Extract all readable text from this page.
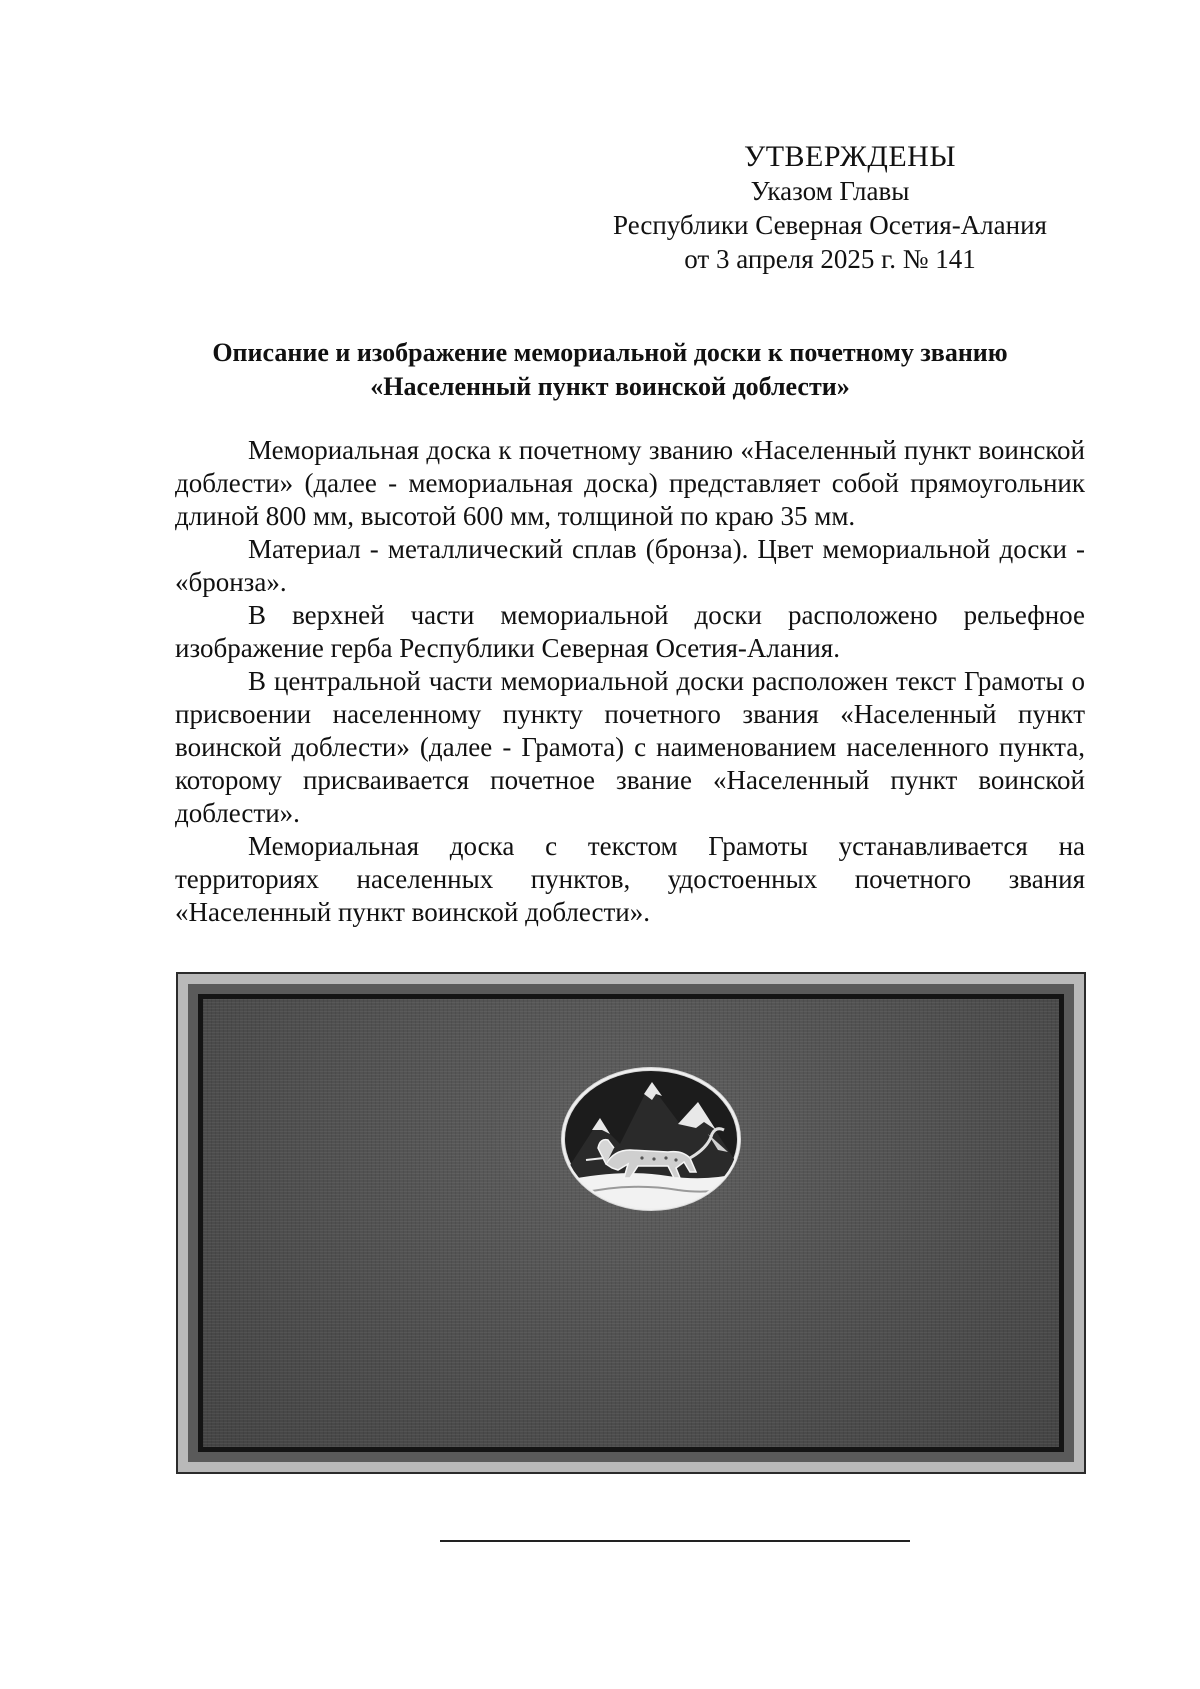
УТВЕРЖДЕНЫ
Указом Главы
Республики Северная Осетия-Алания
от 3 апреля 2025 г. № 141
Описание и изображение мемориальной доски к почетному званию
«Населенный пункт воинской доблести»

Мемориальная доска к почетному званию «Населенный пункт воинской доблести» (далее - мемориальная доска) представляет собой прямоугольник длиной 800 мм, высотой 600 мм, толщиной по краю 35 мм.

Материал - металлический сплав (бронза). Цвет мемориальной доски - «бронза».

В верхней части мемориальной доски расположено рельефное изображение герба Республики Северная Осетия-Алания.

В центральной части мемориальной доски расположен текст Грамоты о присвоении населенному пункту почетного звания «Населенный пункт воинской доблести» (далее - Грамота) с наименованием населенного пункта, которому присваивается почетное звание «Населенный пункт воинской доблести».

Мемориальная доска с текстом Грамоты устанавливается на территориях населенных пунктов, удостоенных почетного звания «Населенный пункт воинской доблести».
